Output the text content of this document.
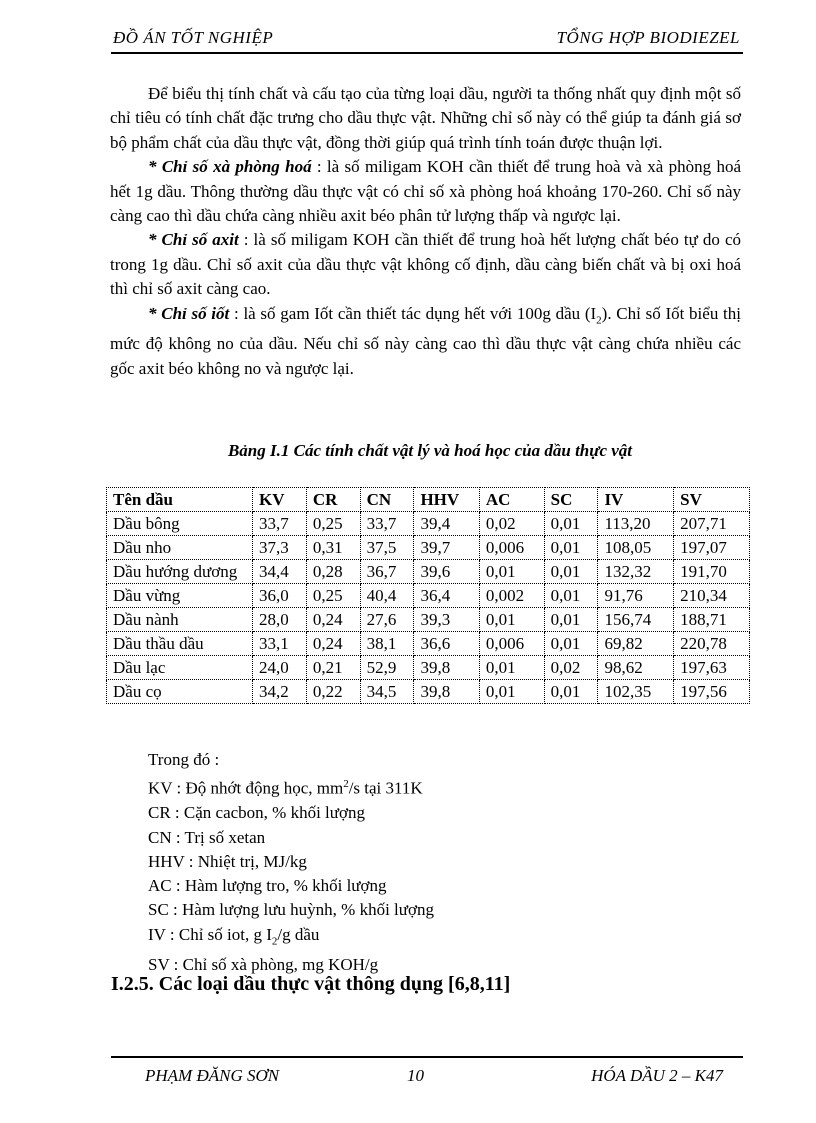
ĐỒ ÁN TỐT NGHIỆP	TỔNG HỢP BIODIEZEL

Để biểu thị tính chất và cấu tạo của từng loại dầu, người ta thống nhất quy định một số chỉ tiêu có tính chất đặc trưng cho dầu thực vật. Những chỉ số này có thể giúp ta đánh giá sơ bộ phẩm chất của dầu thực vật, đồng thời giúp quá trình tính toán được thuận lợi.

* Chỉ số xà phòng hoá : là số miligam KOH cần thiết để trung hoà và xà phòng hoá hết 1g dầu. Thông thường dầu thực vật có chỉ số xà phòng hoá khoảng 170-260. Chỉ số này càng cao thì dầu chứa càng nhiều axit béo phân tử lượng thấp và ngược lại.

* Chỉ số axit : là số miligam KOH cần thiết để trung hoà hết lượng chất béo tự do có trong 1g dầu. Chỉ số axit của dầu thực vật không cố định, dầu càng biến chất và bị oxi hoá thì chỉ số axit càng cao.

* Chỉ số iốt : là số gam Iốt cần thiết tác dụng hết với 100g dầu $(I_2)$. Chỉ số Iốt biểu thị mức độ không no của dầu. Nếu chỉ số này càng cao thì dầu thực vật càng chứa nhiều các gốc axit béo không no và ngược lại.

Bảng I.1 Các tính chất vật lý và hoá học của dầu thực vật
Tên dầu	KV	CR	CN	HHV	AC	SC	IV	SV
Dầu bông	33,7	0,25	33,7	39,4	0,02	0,01	113,20	207,71
Dầu nho	37,3	0,31	37,5	39,7	0,006	0,01	108,05	197,07
Dầu hướng dương	34,4	0,28	36,7	39,6	0,01	0,01	132,32	191,70
Dầu vừng	36,0	0,25	40,4	36,4	0,002	0,01	91,76	210,34
Dầu nành	28,0	0,24	27,6	39,3	0,01	0,01	156,74	188,71
Dầu thầu dầu	33,1	0,24	38,1	36,6	0,006	0,01	69,82	220,78
Dầu lạc	24,0	0,21	52,9	39,8	0,01	0,02	98,62	197,63
Dầu cọ	34,2	0,22	34,5	39,8	0,01	0,01	102,35	197,56
Trong đó :
KV : Độ nhớt động học, $mm^2/s$ tại 311K
CR : Cặn cacbon, % khối lượng
CN : Trị số xetan
HHV : Nhiệt trị, MJ/kg
AC : Hàm lượng tro, % khối lượng
SC : Hàm lượng lưu huỳnh, % khối lượng
IV : Chỉ số iot, g $I_2/g$ dầu
SV : Chỉ số xà phòng, mg KOH/g
I.2.5. Các loại dầu thực vật thông dụng [6,8,11]
PHẠM ĐĂNG SƠN	10	HÓA DẦU 2 – K47
